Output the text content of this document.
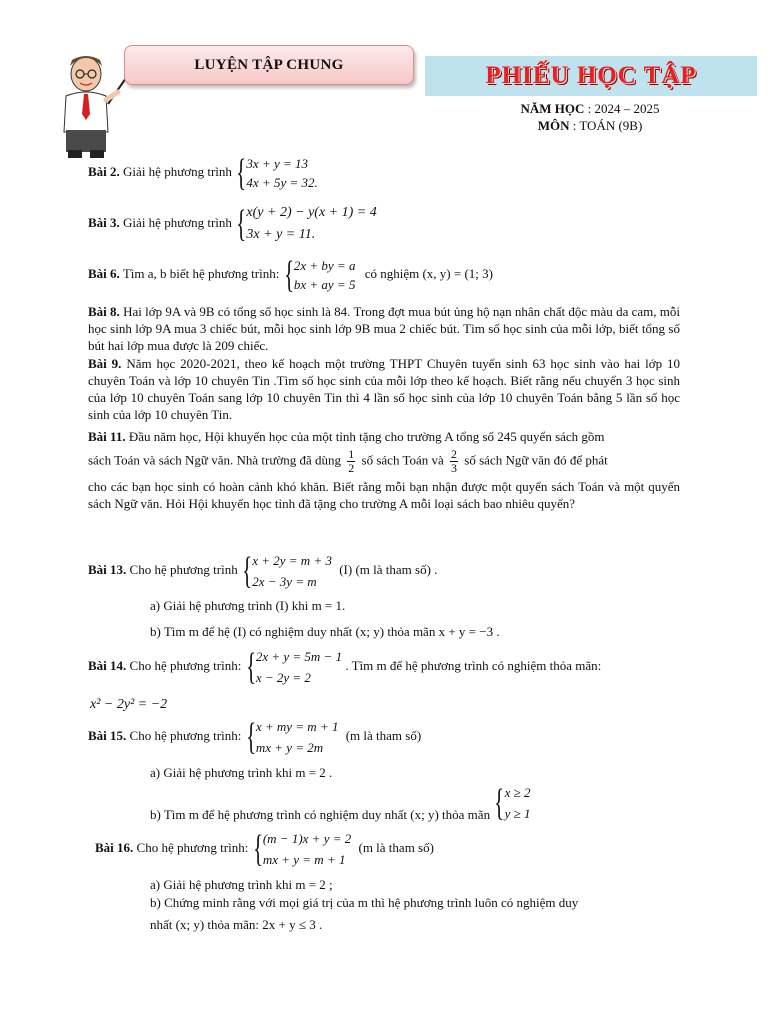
LUYỆN TẬP CHUNG	PHIẾU HỌC TẬP
NĂM HỌC : 2024 – 2025
MÔN : TOÁN (9B)
Bài 2. Giải hệ phương trình { 3x + y = 13
4x + 5y = 32.
Bài 3. Giải hệ phương trình { x(y + 2) − y(x + 1) = 4
3x + y = 11.
Bài 6. Tìm a, b biết hệ phương trình: { 2x + by = a
bx + ay = 5
có nghiệm (x, y) = (1; 3)
Bài 8. Hai lớp 9A và 9B có tổng số học sinh là 84. Trong đợt mua bút ủng hộ nạn nhân chất độc màu da cam, mỗi học sinh lớp 9A mua 3 chiếc bút, mỗi học sinh lớp 9B mua 2 chiếc bút. Tìm số học sinh của mỗi lớp, biết tổng số bút hai lớp mua được là 209 chiếc.
Bài 9. Năm học 2020-2021, theo kế hoạch một trường THPT Chuyên tuyển sinh 63 học sinh vào hai lớp 10 chuyên Toán và lớp 10 chuyên Tin .Tìm số học sinh của mỗi lớp theo kế hoạch. Biết rằng nếu chuyển 3 học sinh của lớp 10 chuyên Toán sang lớp 10 chuyên Tin thì 4 lần số học sinh của lớp 10 chuyên Toán bằng 5 lần số học sinh của lớp 10 chuyên Tin.
Bài 11. Đầu năm học, Hội khuyến học của một tỉnh tặng cho trường A tổng số 245 quyển sách gồm
sách Toán và sách Ngữ văn. Nhà trường đã dùng $\frac{1}{2}$ số sách Toán và $\frac{2}{3}$ số sách Ngữ văn đó để phát
cho các bạn học sinh có hoàn cảnh khó khăn. Biết rằng mỗi bạn nhận được một quyển sách Toán và một quyển sách Ngữ văn. Hỏi Hội khuyến học tỉnh đã tặng cho trường A mỗi loại sách bao nhiêu quyển?
Bài 13. Cho hệ phương trình { x + 2y = m + 3
2x − 3y = m
(I) (m là tham số) .
a) Giải hệ phương trình (I) khi m = 1.
b) Tìm m để hệ (I) có nghiệm duy nhất (x; y) thỏa mãn x + y = −3 .
Bài 14. Cho hệ phương trình: { 2x + y = 5m − 1
x − 2y = 2
. Tìm m để hệ phương trình có nghiệm thỏa mãn:
x² − 2y² = −2
Bài 15. Cho hệ phương trình: { x + my = m + 1
mx + y = 2m
(m là tham số)
a) Giải hệ phương trình khi m = 2 .
b) Tìm m để hệ phương trình có nghiệm duy nhất (x; y) thỏa mãn { x ≥ 2
y ≥ 1
Bài 16. Cho hệ phương trình: { (m − 1)x + y = 2
mx + y = m + 1
(m là tham số)
a) Giải hệ phương trình khi m = 2 ;
b) Chứng minh rằng với mọi giá trị của m thì hệ phương trình luôn có nghiệm duy
nhất (x; y) thỏa mãn: 2x + y ≤ 3 .
